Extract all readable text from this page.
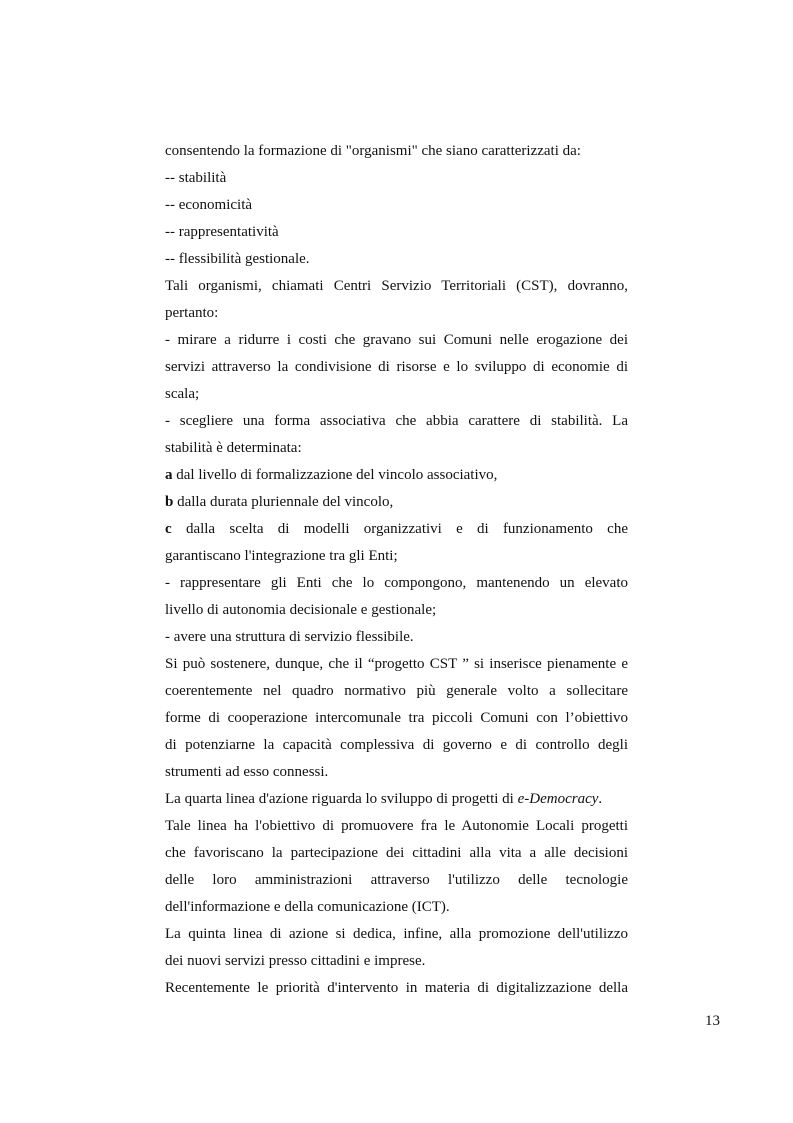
consentendo la formazione di "organismi" che siano caratterizzati da:
-- stabilità
-- economicità
-- rappresentatività
-- flessibilità gestionale.
Tali organismi, chiamati Centri Servizio Territoriali (CST), dovranno,
pertanto:
- mirare a ridurre i costi che gravano sui Comuni nelle erogazione dei
servizi attraverso la condivisione di risorse e lo sviluppo di economie di
scala;
- scegliere una forma associativa che abbia carattere di stabilità. La
stabilità è determinata:
a dal livello di formalizzazione del vincolo associativo,
b dalla durata pluriennale del vincolo,
c dalla scelta di modelli organizzativi e di funzionamento che
garantiscano l'integrazione tra gli Enti;
- rappresentare gli Enti che lo compongono, mantenendo un elevato
livello di autonomia decisionale e gestionale;
- avere una struttura di servizio flessibile.
Si può sostenere, dunque, che il “progetto CST ” si inserisce pienamente e
coerentemente nel quadro normativo più generale volto a sollecitare
forme di cooperazione intercomunale tra piccoli Comuni con l’obiettivo
di potenziarne la capacità complessiva di governo e di controllo degli
strumenti ad esso connessi.
La quarta linea d'azione riguarda lo sviluppo di progetti di e-Democracy.
Tale linea ha l'obiettivo di promuovere fra le Autonomie Locali progetti
che favoriscano la partecipazione dei cittadini alla vita a alle decisioni
delle loro amministrazioni attraverso l'utilizzo delle tecnologie
dell'informazione e della comunicazione (ICT).
La quinta linea di azione si dedica, infine, alla promozione dell'utilizzo
dei nuovi servizi presso cittadini e imprese.
Recentemente le priorità d'intervento in materia di digitalizzazione della
13
